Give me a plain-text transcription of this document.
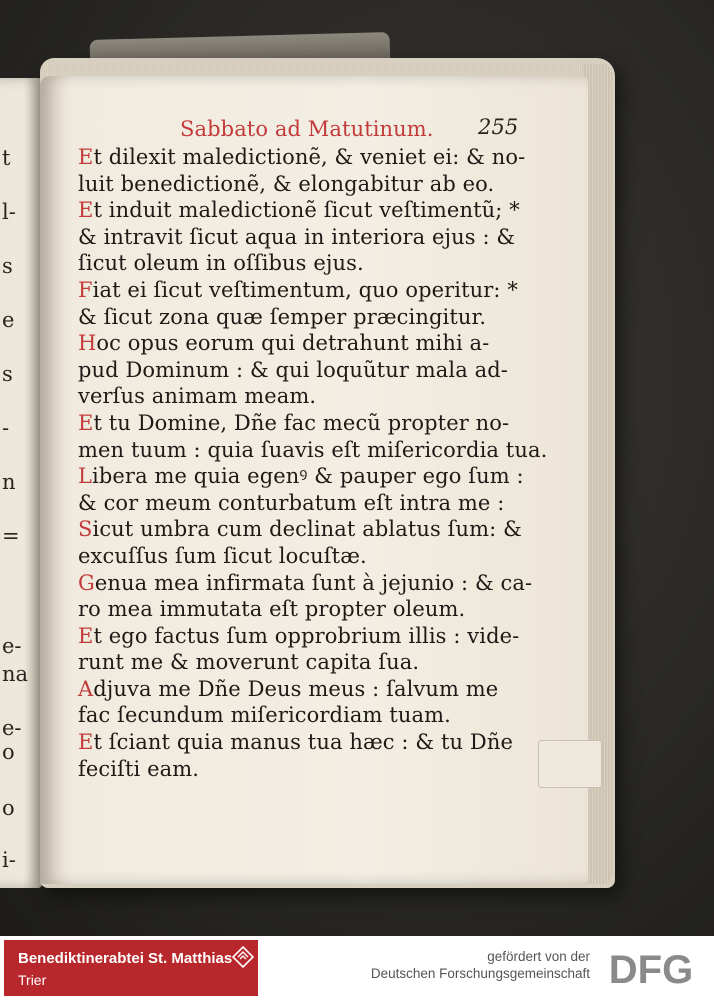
t
l-
s
e
s
-
n
=
e-
na
e-
o
o
i-
Sabbato ad Matutinum. 255
Et dilexit maledictionẽ, & veniet ei: & no-
luit benedictionẽ, & elongabitur ab eo.
Et induit maledictionẽ ſicut veſtimentũ; *
& intravit ſicut aqua in interiora ejus : &
ſicut oleum in oſſibus ejus.
Fiat ei ſicut veſtimentum, quo operitur: *
& ſicut zona quæ ſemper præcingitur.
Hoc opus eorum qui detrahunt mihi a-
pud Dominum : & qui loquũtur mala ad-
verſus animam meam.
Et tu Domine, Dñe fac mecũ propter no-
men tuum : quia ſuavis eſt miſericordia tua.
Libera me quia egenꝰ & pauper ego ſum :
& cor meum conturbatum eſt intra me :
Sicut umbra cum declinat ablatus ſum: &
excuſſus ſum ſicut locuſtæ.
Genua mea infirmata ſunt à jejunio : & ca-
ro mea immutata eſt propter oleum.
Et ego factus ſum opprobrium illis : vide-
runt me & moverunt capita ſua.
Adjuva me Dñe Deus meus : ſalvum me
fac ſecundum miſericordiam tuam.
Et ſciant quia manus tua hæc : & tu Dñe
feciſti eam.
Benediktinerabtei St. Matthias
Trier
gefördert von der
Deutschen Forschungsgemeinschaft DFG
